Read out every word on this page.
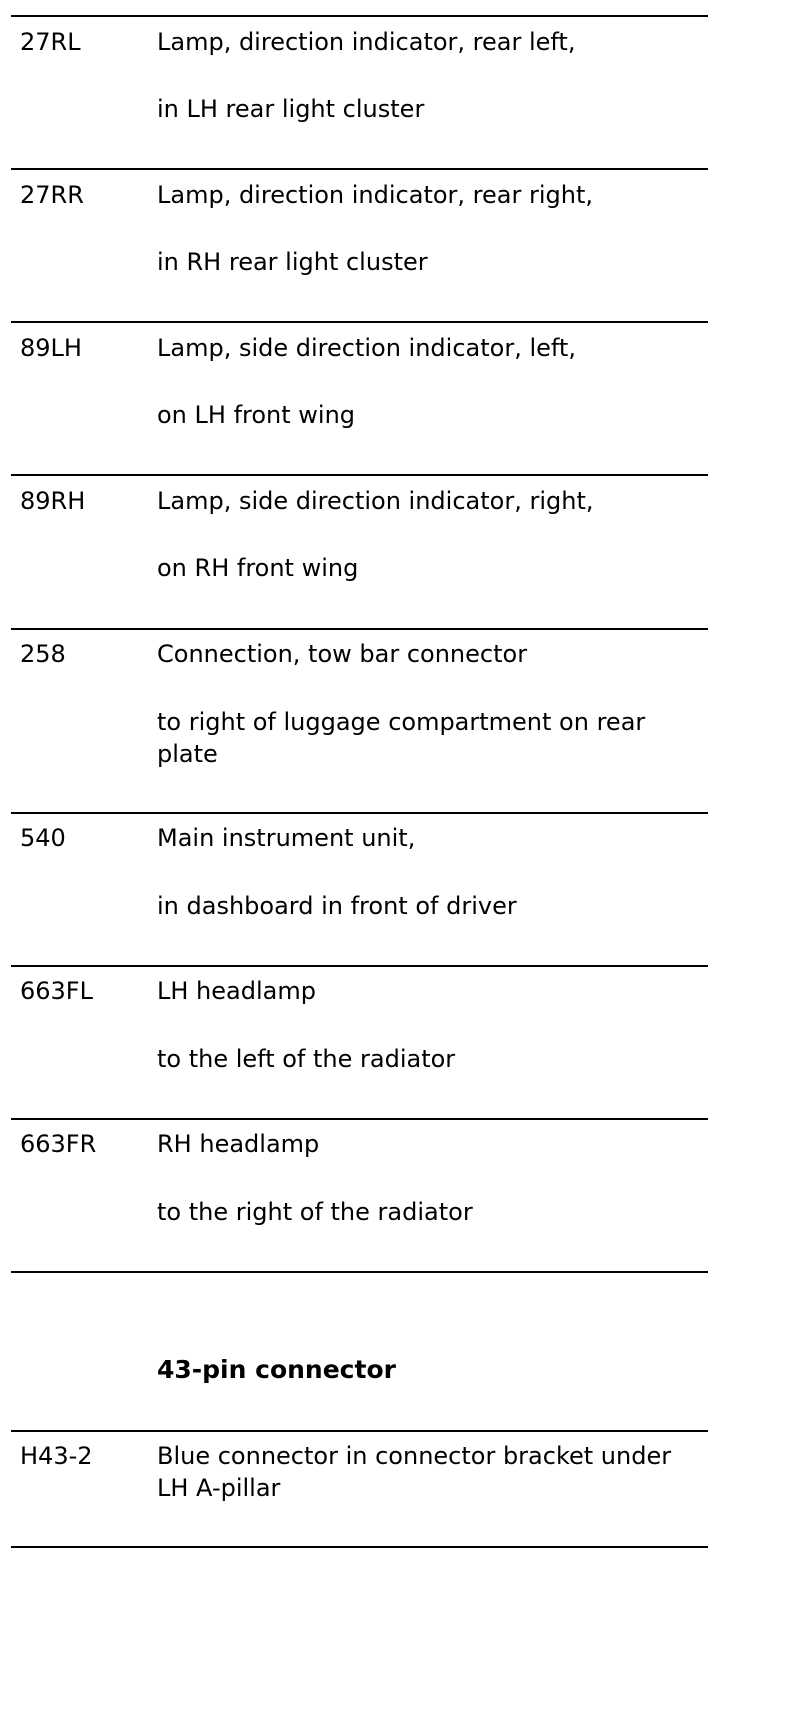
27RL	Lamp, direction indicator, rear left,
in LH rear light cluster
27RR	Lamp, direction indicator, rear right,
in RH rear light cluster
89LH	Lamp, side direction indicator, left,
on LH front wing
89RH	Lamp, side direction indicator, right,
on RH front wing
258	Connection, tow bar connector
to right of luggage compartment on rear plate
540	Main instrument unit,
in dashboard in front of driver
663FL	LH headlamp
to the left of the radiator
663FR	RH headlamp
to the right of the radiator
43-pin connector
H43-2	Blue connector in connector bracket under LH A-pillar
